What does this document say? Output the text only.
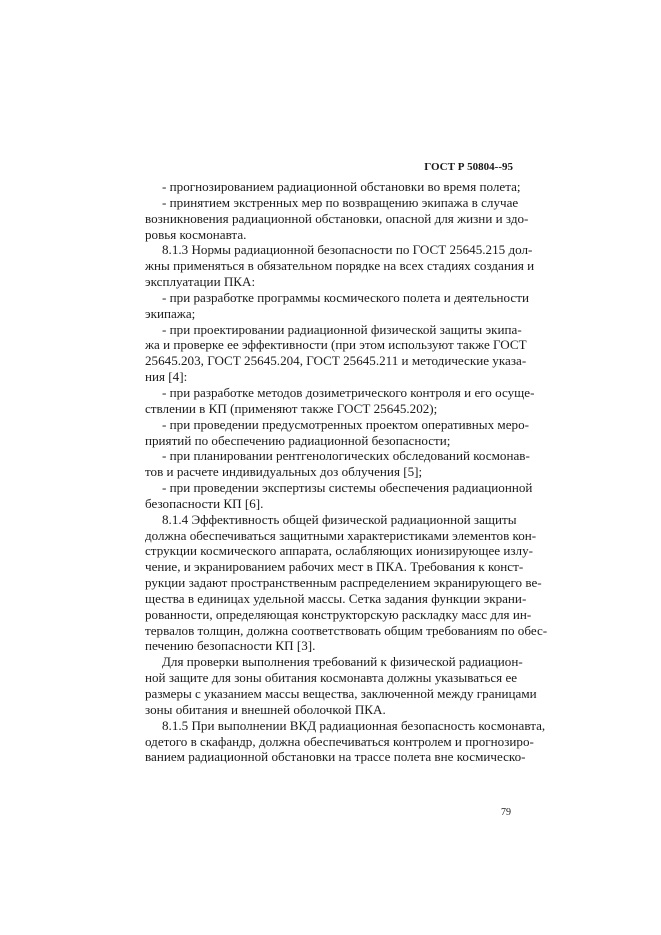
ГОСТ Р 50804--95
- прогнозированием радиационной обстановки во время полета;
- принятием экстренных мер по возвращению экипажа в случае
возникновения радиационной обстановки, опасной для жизни и здо-
ровья космонавта.
8.1.3 Нормы радиационной безопасности по ГОСТ 25645.215 дол-
жны применяться в обязательном порядке на всех стадиях создания и
эксплуатации ПКА:
- при разработке программы космического полета и деятельности
экипажа;
- при проектировании радиационной физической защиты экипа-
жа и проверке ее эффективности (при этом используют также ГОСТ
25645.203, ГОСТ 25645.204, ГОСТ 25645.211 и методические указа-
ния [4]:
- при разработке методов дозиметрического контроля и его осуще-
ствлении в КП (применяют также ГОСТ 25645.202);
- при проведении предусмотренных проектом оперативных меро-
приятий по обеспечению радиационной безопасности;
- при планировании рентгенологических обследований космонав-
тов и расчете индивидуальных доз облучения [5];
- при проведении экспертизы системы обеспечения радиационной
безопасности КП [6].
8.1.4 Эффективность общей физической радиационной защиты
должна обеспечиваться защитными характеристиками элементов кон-
струкции космического аппарата, ослабляющих ионизирующее излу-
чение, и экранированием рабочих мест в ПКА. Требования к конст-
рукции задают пространственным распределением экранирующего ве-
щества в единицах удельной массы. Сетка задания функции экрани-
рованности, определяющая конструкторскую раскладку масс для ин-
тервалов толщин, должна соответствовать общим требованиям по обес-
печению безопасности КП [3].
Для проверки выполнения требований к физической радиацион-
ной защите для зоны обитания космонавта должны указываться ее
размеры с указанием массы вещества, заключенной между границами
зоны обитания и внешней оболочкой ПКА.
8.1.5 При выполнении ВКД радиационная безопасность космонавта,
одетого в скафандр, должна обеспечиваться контролем и прогнозиро-
ванием радиационной обстановки на трассе полета вне космическо-
79
